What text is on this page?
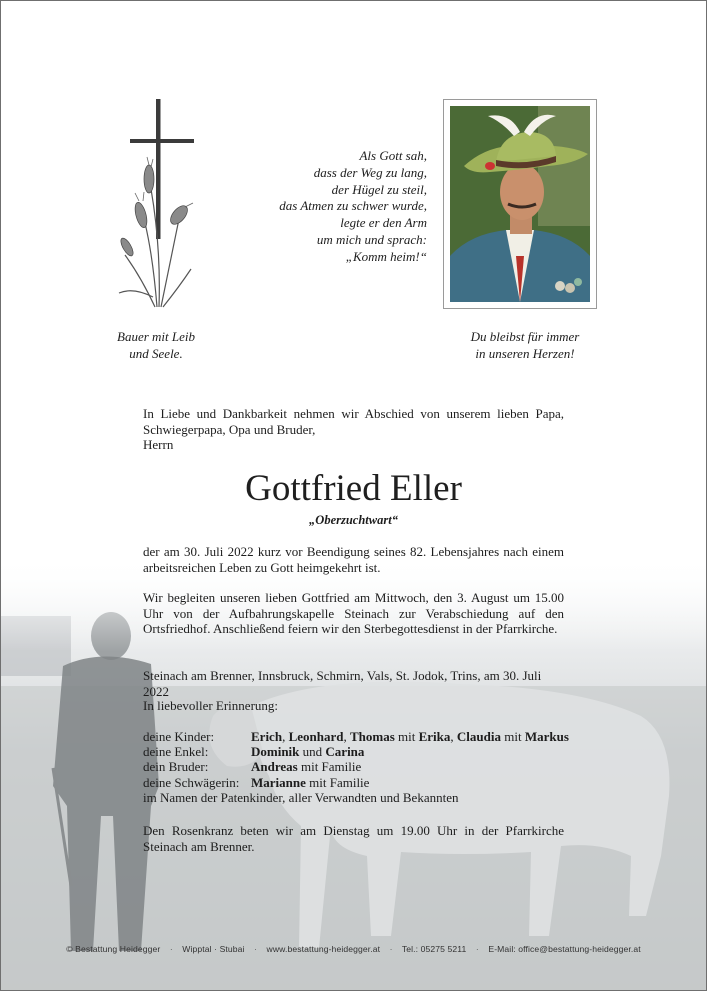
Als Gott sah,
dass der Weg zu lang,
der Hügel zu steil,
das Atmen zu schwer wurde,
legte er den Arm
um mich und sprach:
„Komm heim!“
Bauer mit Leib
und Seele.
Du bleibst für immer
in unseren Herzen!
In Liebe und Dankbarkeit nehmen wir Abschied von unserem lieben Papa, Schwiegerpapa, Opa und Bruder,
Herrn
Gottfried Eller
„Oberzuchtwart“
der am 30. Juli 2022 kurz vor Beendigung seines 82. Lebensjahres nach einem arbeitsreichen Leben zu Gott heimgekehrt ist.
Wir begleiten unseren lieben Gottfried am Mittwoch, den 3. August um 15.00 Uhr von der Aufbahrungskapelle Steinach zur Verabschiedung auf den Ortsfriedhof. Anschließend feiern wir den Sterbegottesdienst in der Pfarrkirche.
Steinach am Brenner, Innsbruck, Schmirn, Vals, St. Jodok, Trins, am 30. Juli 2022
In liebevoller Erinnerung:
deine Kinder:	Erich, Leonhard, Thomas mit Erika, Claudia mit Markus
deine Enkel:	Dominik und Carina
dein Bruder:	Andreas mit Familie
deine Schwägerin: Marianne mit Familie
im Namen der Patenkinder, aller Verwandten und Bekannten
Den Rosenkranz beten wir am Dienstag um 19.00 Uhr in der Pfarrkirche Steinach am Brenner.
© Bestattung Heidegger · Wipptal · Stubai · www.bestattung-heidegger.at · Tel.: 05275 5211 · E-Mail: office@bestattung-heidegger.at
